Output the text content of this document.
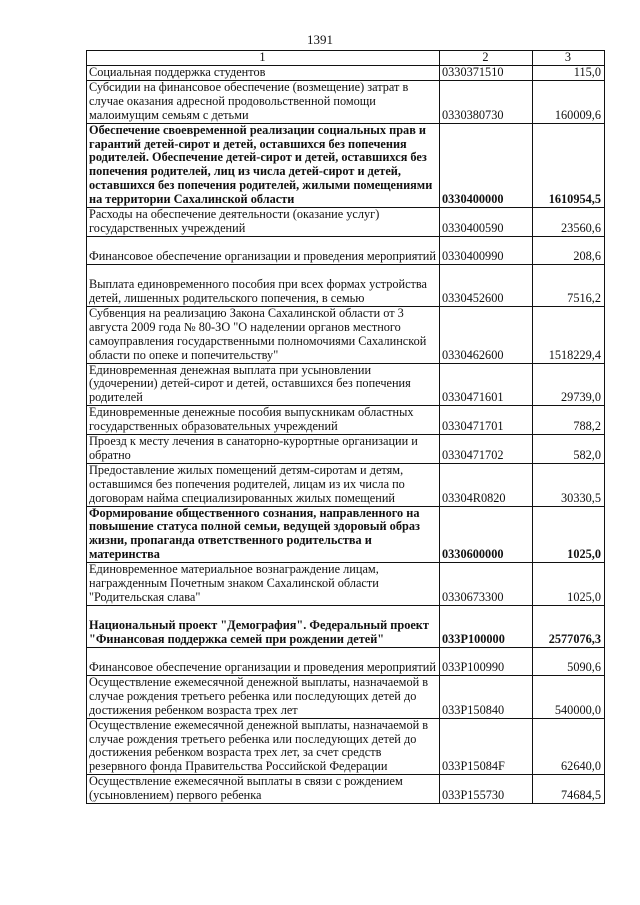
1391
1	2	3
Социальная поддержка студентов	0330371510	115,0
Субсидии на финансовое обеспечение (возмещение) затрат в случае оказания адресной продовольственной помощи малоимущим семьям с детьми	0330380730	160009,6
Обеспечение своевременной реализации социальных прав и гарантий детей-сирот и детей, оставшихся без попечения родителей. Обеспечение детей-сирот и детей, оставшихся без попечения родителей, лиц из числа детей-сирот и детей, оставшихся без попечения родителей, жилыми помещениями на территории Сахалинской области	0330400000	1610954,5
Расходы на обеспечение деятельности (оказание услуг) государственных учреждений	0330400590	23560,6
Финансовое обеспечение организации и проведения мероприятий	0330400990	208,6
Выплата единовременного пособия при всех формах устройства детей, лишенных родительского попечения, в семью	0330452600	7516,2
Субвенция на реализацию Закона Сахалинской области от 3 августа 2009 года № 80-ЗО "О наделении органов местного самоуправления государственными полномочиями Сахалинской области по опеке и попечительству"	0330462600	1518229,4
Единовременная денежная выплата при усыновлении (удочерении) детей-сирот и детей, оставшихся без попечения родителей	0330471601	29739,0
Единовременные денежные пособия выпускникам областных государственных образовательных учреждений	0330471701	788,2
Проезд к месту лечения в санаторно-курортные организации и обратно	0330471702	582,0
Предоставление жилых помещений детям-сиротам и детям, оставшимся без попечения родителей, лицам из их числа по договорам найма специализированных жилых помещений	03304R0820	30330,5
Формирование общественного сознания, направленного на повышение статуса полной семьи, ведущей здоровый образ жизни, пропаганда ответственного родительства и материнства	0330600000	1025,0
Единовременное материальное вознаграждение лицам, награжденным Почетным знаком Сахалинской области "Родительская слава"	0330673300	1025,0
Национальный проект "Демография". Федеральный проект "Финансовая поддержка семей при рождении детей"	033P100000	2577076,3
Финансовое обеспечение организации и проведения мероприятий	033P100990	5090,6
Осуществление ежемесячной денежной выплаты, назначаемой в случае рождения третьего ребенка или последующих детей до достижения ребенком возраста трех лет	033P150840	540000,0
Осуществление ежемесячной денежной выплаты, назначаемой в случае рождения третьего ребенка или последующих детей до достижения ребенком возраста трех лет, за счет средств резервного фонда Правительства Российской Федерации	033P15084F	62640,0
Осуществление ежемесячной выплаты в связи с рождением (усыновлением) первого ребенка	033P155730	74684,5
